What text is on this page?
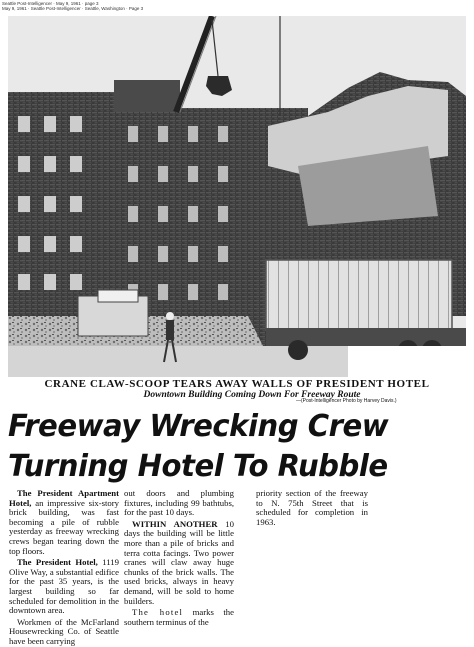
Seattle Post-Intelligencer · May 9, 1961 · page 3
May 9, 1961 · Seattle Post-Intelligencer · Seattle, Washington · Page 3
CRANE CLAW-SCOOP TEARS AWAY WALLS OF PRESIDENT HOTEL
Downtown Building Coming Down For Freeway Route
—(Post-Intelligencer Photo by Harvey Davis.)
Freeway Wrecking Crew
Turning Hotel To Rubble

The President Apartment Hotel, an impressive six-story brick building, was fast becoming a pile of rubble yesterday as freeway wrecking crews began tearing down the top floors.

The President Hotel, 1119 Olive Way, a substantial edifice for the past 35 years, is the largest building so far scheduled for demolition in the downtown area.

Workmen of the McFarland Housewrecking Co. of Seattle have been carrying

out doors and plumbing fixtures, including 99 bathtubs, for the past 10 days.

WITHIN ANOTHER 10 days the building will be little more than a pile of bricks and terra cotta facings. Two power cranes will claw away huge chunks of the brick walls. The used bricks, always in heavy demand, will be sold to home builders.

The hotel marks the southern terminus of the

priority section of the freeway to N. 75th Street that is scheduled for completion in 1963.
